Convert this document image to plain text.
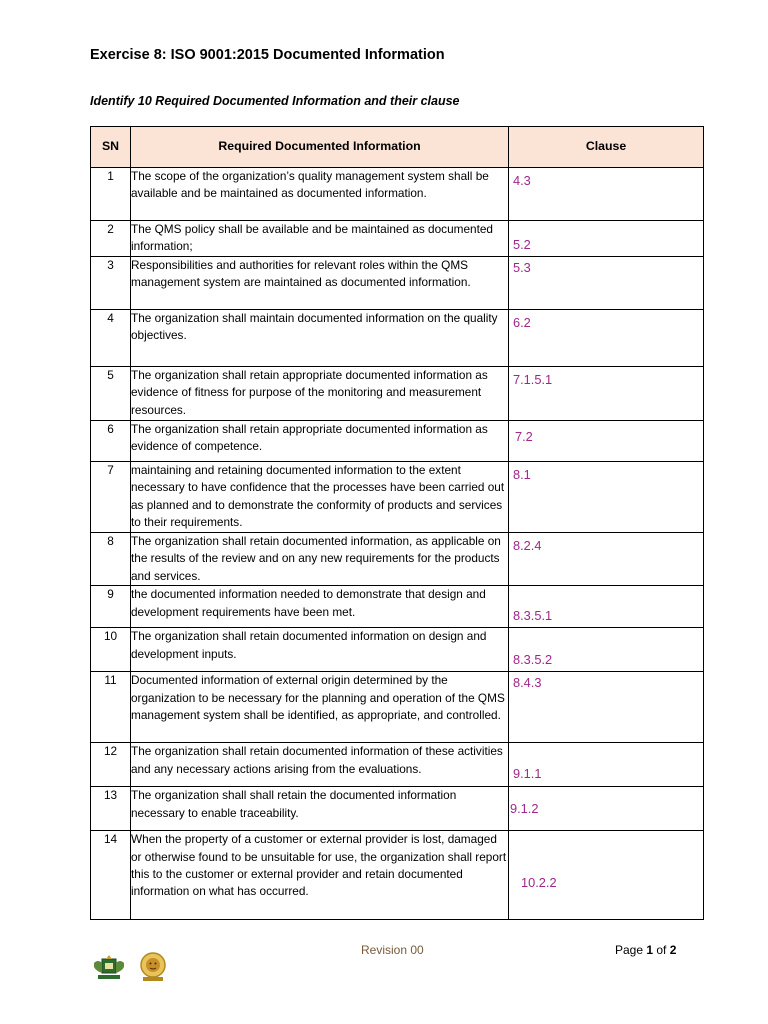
Exercise 8: ISO 9001:2015 Documented Information
Identify 10 Required Documented Information and their clause
SN	Required Documented Information	Clause
1	The scope of the organization’s quality management system shall be available and be maintained as documented information.	4.3

2	The QMS policy shall be available and be maintained as documented information;	5.2

3	Responsibilities and authorities for relevant roles within the QMS management system are maintained as documented information.	5.3

4	The organization shall maintain documented information on the quality objectives.	6.2

5	The organization shall retain appropriate documented information as evidence of fitness for purpose of the monitoring and measurement resources.	7.1.5.1

6	The organization shall retain appropriate documented information as evidence of competence.	7.2

7	maintaining and retaining documented information to the extent necessary to have confidence that the processes have been carried out as planned and to demonstrate the conformity of products and services to their requirements.	8.1

8	The organization shall retain documented information, as applicable on the results of the review and on any new requirements for the products and services.	8.2.4

9	the documented information needed to demonstrate that design and development requirements have been met.	8.3.5.1

10	The organization shall retain documented information on design and development inputs.	8.3.5.2

11	Documented information of external origin determined by the organization to be necessary for the planning and operation of the QMS management system shall be identified, as appropriate, and controlled.	8.4.3

12	The organization shall retain documented information of these activities and any necessary actions arising from the evaluations.	9.1.1

13	The organization shall shall retain the documented information necessary to enable traceability.	9.1.2

14	When the property of a customer or external provider is lost, damaged or otherwise found to be unsuitable for use, the organization shall report this to the customer or external provider and retain documented information on what has occurred.	10.2.2
Revision 00	Page 1 of 2
